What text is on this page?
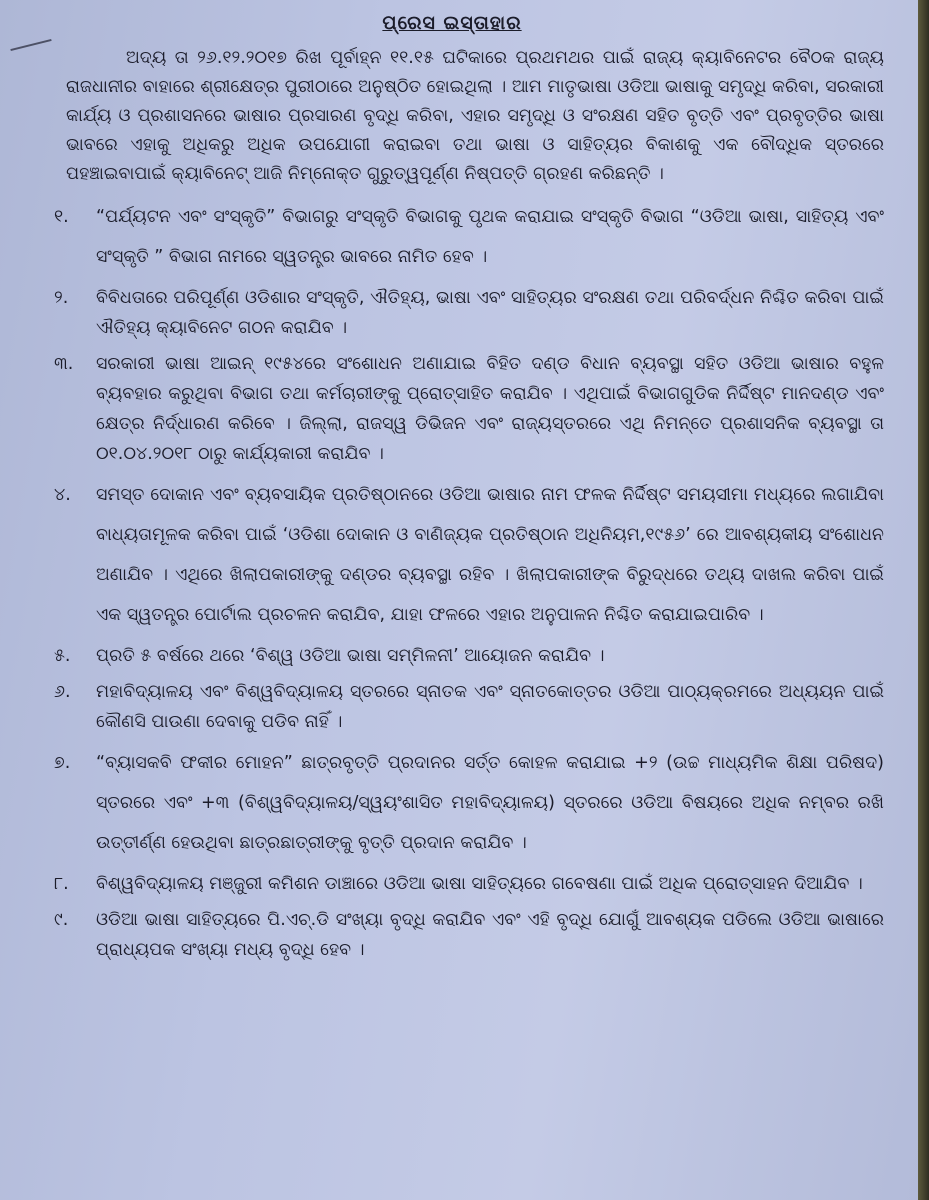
ପ୍ରେସ ଇସ୍ତାହାର
ଅଦ୍ୟ ତା ୨୬.୧୨.୨୦୧୭ ରିଖ ପୂର୍ବାହ୍ନ ୧୧.୧୫ ଘଟିକାରେ ପ୍ରଥମଥର ପାଇଁ ରାଜ୍ୟ କ୍ୟାବିନେଟର ବୈଠକ ରାଜ୍ୟ ରାଜଧାନୀର ବାହାରେ ଶ୍ରୀକ୍ଷେତ୍ର ପୁରୀଠାରେ ଅନୁଷ୍ଠିତ ହୋଇଥିଲା । ଆମ ମାତୃଭାଷା ଓଡିଆ ଭାଷାକୁ ସମୃଦ୍ଧି କରିବା, ସରକାରୀ କାର୍ଯ୍ୟ ଓ ପ୍ରଶାସନରେ ଭାଷାର ପ୍ରସାରଣ ବୃଦ୍ଧି କରିବା, ଏହାର ସମୃଦ୍ଧି ଓ ସଂରକ୍ଷଣ ସହିତ ବୃତ୍ତି ଏବଂ ପ୍ରବୃତ୍ତିର ଭାଷା ଭାବରେ ଏହାକୁ ଅଧିକରୁ ଅଧିକ ଉପଯୋଗୀ କରାଇବା ତଥା ଭାଷା ଓ ସାହିତ୍ୟର ବିକାଶକୁ ଏକ ବୌଦ୍ଧିକ ସ୍ତରରେ ପହଞ୍ଚାଇବାପାଇଁ କ୍ୟାବିନେଟ୍ ଆଜି ନିମ୍ନୋକ୍ତ ଗୁରୁତ୍ୱପୂର୍ଣ୍ଣ ନିଷ୍ପତ୍ତି ଗ୍ରହଣ କରିଛନ୍ତି ।
୧.	“ପର୍ଯ୍ୟଟନ ଏବଂ ସଂସ୍କୃତି” ବିଭାଗରୁ ସଂସ୍କୃତି ବିଭାଗକୁ ପୃଥକ କରାଯାଇ ସଂସ୍କୃତି ବିଭାଗ “ଓଡିଆ ଭାଷା, ସାହିତ୍ୟ ଏବଂ ସଂସ୍କୃତି ” ବିଭାଗ ନାମରେ ସ୍ୱତନ୍ତ୍ର ଭାବରେ ନାମିତ ହେବ ।
୨.	ବିବିଧତାରେ ପରିପୂର୍ଣ୍ଣ ଓଡିଶାର ସଂସ୍କୃତି, ଐତିହ୍ୟ, ଭାଷା ଏବଂ ସାହିତ୍ୟର ସଂରକ୍ଷଣ ତଥା ପରିବର୍ଦ୍ଧନ ନିଶ୍ଚିତ କରିବା ପାଇଁ ଐତିହ୍ୟ କ୍ୟାବିନେଟ ଗଠନ କରାଯିବ ।
୩.	ସରକାରୀ ଭାଷା ଆଇନ୍ ୧୯୫୪ରେ ସଂଶୋଧନ ଅଣାଯାଇ ବିହିତ ଦଣ୍ଡ ବିଧାନ ବ୍ୟବସ୍ଥା ସହିତ ଓଡିଆ ଭାଷାର ବହୁଳ ବ୍ୟବହାର କରୁଥିବା ବିଭାଗ ତଥା କର୍ମଚାରୀଙ୍କୁ ପ୍ରୋତ୍ସାହିତ କରାଯିବ । ଏଥିପାଇଁ ବିଭାଗଗୁଡିକ ନିର୍ଦ୍ଦିଷ୍ଟ ମାନଦଣ୍ଡ ଏବଂ କ୍ଷେତ୍ର ନିର୍ଦ୍ଧାରଣ କରିବେ । ଜିଲ୍ଲା, ରାଜସ୍ୱ ଡିଭିଜନ ଏବଂ ରାଜ୍ୟସ୍ତରରେ ଏଥି ନିମନ୍ତେ ପ୍ରଶାସନିକ ବ୍ୟବସ୍ଥା ତା ୦୧.୦୪.୨୦୧୮ ଠାରୁ କାର୍ଯ୍ୟକାରୀ କରାଯିବ ।
୪.	ସମସ୍ତ ଦୋକାନ ଏବଂ ବ୍ୟବସାୟିକ ପ୍ରତିଷ୍ଠାନରେ ଓଡିଆ ଭାଷାର ନାମ ଫଳକ ନିର୍ଦ୍ଦିଷ୍ଟ ସମୟସୀମା ମଧ୍ୟରେ ଲଗାଯିବା ବାଧ୍ୟତାମୂଳକ କରିବା ପାଇଁ ‘ଓଡିଶା ଦୋକାନ ଓ ବାଣିଜ୍ୟକ ପ୍ରତିଷ୍ଠାନ ଅଧିନିୟମ,୧୯୫୬’ ରେ ଆବଶ୍ୟକୀୟ ସଂଶୋଧନ ଅଣାଯିବ । ଏଥିରେ ଖିଲାପକାରୀଙ୍କୁ ଦଣ୍ଡର ବ୍ୟବସ୍ଥା ରହିବ । ଖିଲାପକାରୀଙ୍କ ବିରୁଦ୍ଧରେ ତଥ୍ୟ ଦାଖଲ କରିବା ପାଇଁ ଏକ ସ୍ୱତନ୍ତ୍ର ପୋର୍ଟାଲ ପ୍ରଚଳନ କରାଯିବ, ଯାହା ଫଳରେ ଏହାର ଅନୁପାଳନ ନିଶ୍ଚିତ କରାଯାଇପାରିବ ।
୫.	ପ୍ରତି ୫ ବର୍ଷରେ ଥରେ ‘ବିଶ୍ୱ ଓଡିଆ ଭାଷା ସମ୍ମିଳନୀ’ ଆୟୋଜନ କରାଯିବ ।
୬.	ମହାବିଦ୍ୟାଳୟ ଏବଂ ବିଶ୍ୱବିଦ୍ୟାଳୟ ସ୍ତରରେ ସ୍ନାତକ ଏବଂ ସ୍ନାତକୋତ୍ତର ଓଡିଆ ପାଠ୍ୟକ୍ରମରେ ଅଧ୍ୟୟନ ପାଇଁ କୌଣସି ପାଉଣା ଦେବାକୁ ପଡିବ ନାହିଁ ।
୭.	“ବ୍ୟାସକବି ଫକୀର ମୋହନ” ଛାତ୍ରବୃତ୍ତି ପ୍ରଦାନର ସର୍ତ୍ତ କୋହଳ କରାଯାଇ +୨ (ଉଚ୍ଚ ମାଧ୍ୟମିକ ଶିକ୍ଷା ପରିଷଦ) ସ୍ତରରେ ଏବଂ +୩ (ବିଶ୍ୱବିଦ୍ୟାଳୟ/ସ୍ୱୟଂଶାସିତ ମହାବିଦ୍ୟାଳୟ) ସ୍ତରରେ ଓଡିଆ ବିଷୟରେ ଅଧିକ ନମ୍ବର ରଖି ଉତ୍ତୀର୍ଣ୍ଣ ହେଉଥିବା ଛାତ୍ରଛାତ୍ରୀଙ୍କୁ ବୃତ୍ତି ପ୍ରଦାନ କରାଯିବ ।
୮.	ବିଶ୍ୱବିଦ୍ୟାଳୟ ମଞ୍ଜୁରୀ କମିଶନ ଡାଞ୍ଚାରେ ଓଡିଆ ଭାଷା ସାହିତ୍ୟରେ ଗବେଷଣା ପାଇଁ ଅଧିକ ପ୍ରୋତ୍ସାହନ ଦିଆଯିବ ।
୯.	ଓଡିଆ ଭାଷା ସାହିତ୍ୟରେ ପି.ଏଚ୍.ଡି ସଂଖ୍ୟା ବୃଦ୍ଧି କରାଯିବ ଏବଂ ଏହି ବୃଦ୍ଧି ଯୋଗୁଁ ଆବଶ୍ୟକ ପଡିଲେ ଓଡିଆ ଭାଷାରେ ପ୍ରାଧ୍ୟପକ ସଂଖ୍ୟା ମଧ୍ୟ ବୃଦ୍ଧି ହେବ ।
